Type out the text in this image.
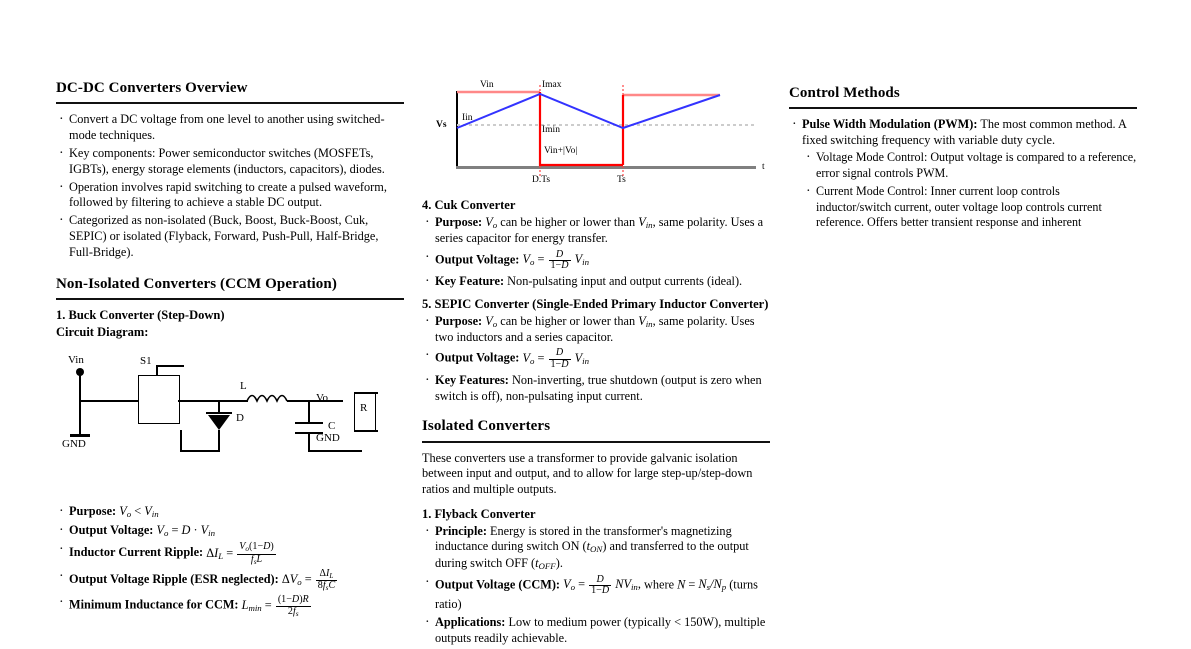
DC-DC Converters Overview
· Convert a DC voltage from one level to another using switched-mode techniques.
· Key components: Power semiconductor switches (MOSFETs, IGBTs), energy storage elements (inductors, capacitors), diodes.
· Operation involves rapid switching to create a pulsed waveform, followed by filtering to achieve a stable DC output.
· Categorized as non-isolated (Buck, Boost, Buck-Boost, Cuk, SEPIC) or isolated (Flyback, Forward, Push-Pull, Half-Bridge, Full-Bridge).
Non-Isolated Converters (CCM Operation)
1. Buck Converter (Step-Down)
Circuit Diagram:
Vin
GND
S1
D
L
C
R
Vo
GND
· Purpose: $V_o < V_{in}$
· Output Voltage: $V_o = D \cdot V_{in}$
· Inductor Current Ripple: $\Delta I_L = \frac{V_o(1-D)}{f_sL}$
· Output Voltage Ripple (ESR neglected): $\Delta V_o = \frac{\Delta I_L}{8f_sC}$
· Minimum Inductance for CCM: $L_{min} = \frac{(1-D)R}{2f_s}$
Vs
Vin	Imax
Iin
Imin
Vin+|Vo|
D.Ts	Ts
t
4. Cuk Converter
· Purpose: $V_o$ can be higher or lower than $V_{in}$, same polarity. Uses a series capacitor for energy transfer.
· Output Voltage: $V_o = \frac{D}{1-D} V_{in}$
· Key Feature: Non-pulsating input and output currents (ideal).
5. SEPIC Converter (Single-Ended Primary Inductor Converter)
· Purpose: $V_o$ can be higher or lower than $V_{in}$, same polarity. Uses two inductors and a series capacitor.
· Output Voltage: $V_o = \frac{D}{1-D} V_{in}$
· Key Features: Non-inverting, true shutdown (output is zero when switch is off), non-pulsating input current.
Isolated Converters

These converters use a transformer to provide galvanic isolation between input and output, and to allow for large step-up/step-down ratios and multiple outputs.

1. Flyback Converter
· Principle: Energy is stored in the transformer's magnetizing inductance during switch ON $(t_{ON})$ and transferred to the output during switch OFF $(t_{OFF})$.
· Output Voltage (CCM): $V_o = \frac{D}{1-D} NV_{in}$, where $N = N_s/N_p$ (turns ratio)
· Applications: Low to medium power (typically < 150W), multiple outputs readily achievable.
Control Methods
· Pulse Width Modulation (PWM): The most common method. A fixed switching frequency with variable duty cycle.
· Voltage Mode Control: Output voltage is compared to a reference, error signal controls PWM.
· Current Mode Control: Inner current loop controls inductor/switch current, outer voltage loop controls current reference. Offers better transient response and inherent
